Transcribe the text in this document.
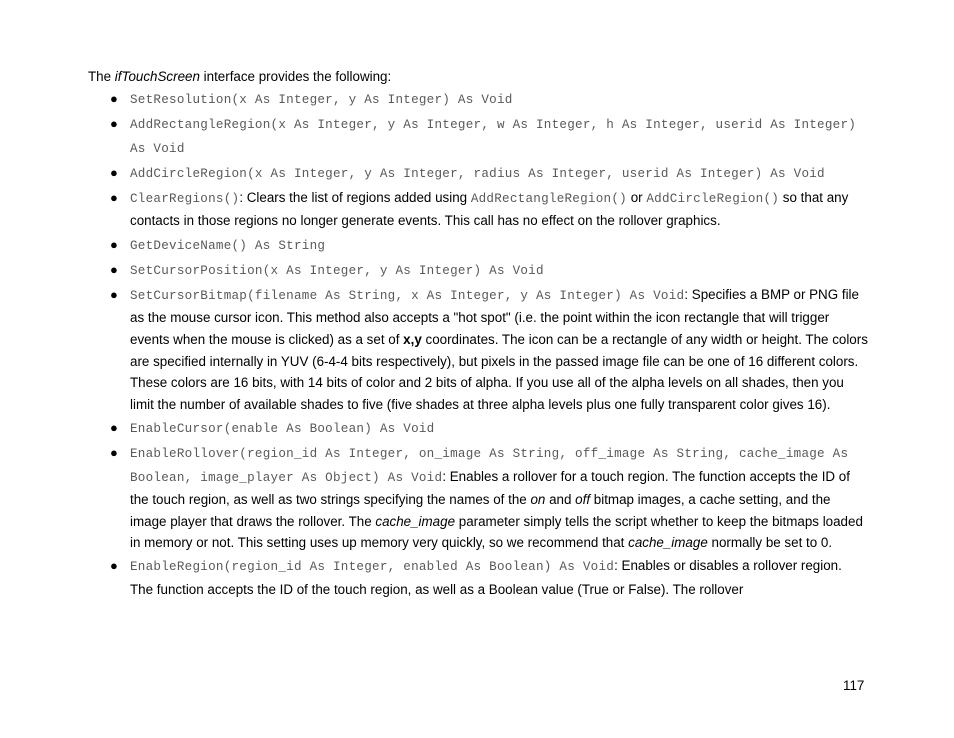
The ifTouchScreen interface provides the following:
● SetResolution(x As Integer, y As Integer) As Void
● AddRectangleRegion(x As Integer, y As Integer, w As Integer, h As Integer, userid As Integer) As Void
● AddCircleRegion(x As Integer, y As Integer, radius As Integer, userid As Integer) As Void
● ClearRegions(): Clears the list of regions added using AddRectangleRegion() or AddCircleRegion() so that any contacts in those regions no longer generate events. This call has no effect on the rollover graphics.
● GetDeviceName() As String
● SetCursorPosition(x As Integer, y As Integer) As Void
● SetCursorBitmap(filename As String, x As Integer, y As Integer) As Void: Specifies a BMP or PNG file as the mouse cursor icon. This method also accepts a "hot spot" (i.e. the point within the icon rectangle that will trigger events when the mouse is clicked) as a set of x,y coordinates. The icon can be a rectangle of any width or height. The colors are specified internally in YUV (6-4-4 bits respectively), but pixels in the passed image file can be one of 16 different colors. These colors are 16 bits, with 14 bits of color and 2 bits of alpha. If you use all of the alpha levels on all shades, then you limit the number of available shades to five (five shades at three alpha levels plus one fully transparent color gives 16).
● EnableCursor(enable As Boolean) As Void
● EnableRollover(region_id As Integer, on_image As String, off_image As String, cache_image As Boolean, image_player As Object) As Void: Enables a rollover for a touch region. The function accepts the ID of the touch region, as well as two strings specifying the names of the on and off bitmap images, a cache setting, and the image player that draws the rollover. The cache_image parameter simply tells the script whether to keep the bitmaps loaded in memory or not. This setting uses up memory very quickly, so we recommend that cache_image normally be set to 0.
● EnableRegion(region_id As Integer, enabled As Boolean) As Void: Enables or disables a rollover region. The function accepts the ID of the touch region, as well as a Boolean value (True or False). The rollover
117
